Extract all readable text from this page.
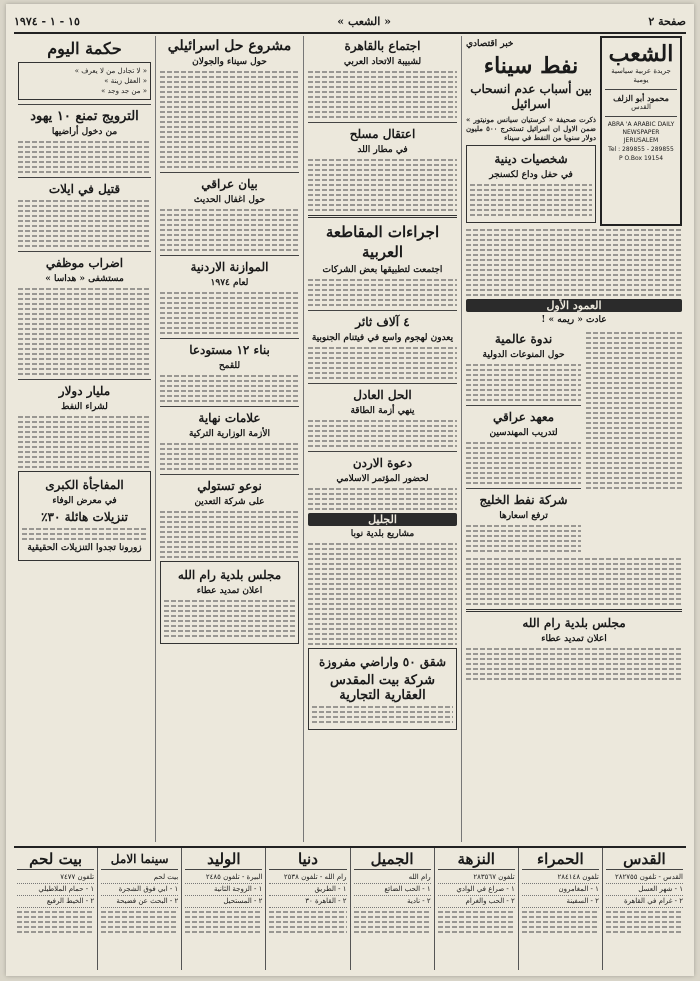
صفحة ٢
« الشعب »
١٥ - ١ - ١٩٧٤
الشعب
جريدة عربية سياسية يومية
محمود أبو الزلف
القدس
ABRA 'A ARABIC DAILY NEWSPAPER JERUSALEM
Tel : 289855 - 289855
P O.Box 19154
خبر اقتصادي
نفط سيناء
بين أسباب عدم انسحاب اسرائيل
ذكرت صحيفة « كرستيان سيانس مونيتور » ضمن الاول ان اسرائيل تستخرج ٥٠٠ مليون دولار سنويا من النفط في سيناء
شخصيات دينية
في حفل وداع لكسنجر
العمود الأول
عادت « ريمه » !
ندوة عالمية
حول المنوعات الدولية
معهد عراقي
لتدريب المهندسين
شركة نفط الخليج
ترفع اسعارها
مجلس بلدية رام الله
اعلان تمديد عطاء
اجتماع بالقاهرة
لشبيبة الاتحاد العربي
اعتقال مسلح
في مطار اللد
اجراءات المقاطعة العربية
اجتمعت لتطبيقها بعض الشركات
٤ آلاف ثائر
يعدون لهجوم واسع في فيتنام الجنوبية
الحل العادل
ينهي أزمة الطاقة
دعوة الاردن
لحضور المؤتمر الاسلامي
الجليل
مشاريع بلدية نوبا
شقق ٥٠ واراضي مفروزة
شركة بيت المقدس العقارية التجارية
مشروع حل اسرائيلي
حول سيناء والجولان
بيان عراقي
حول اغفال الحديث
الموازنة الاردنية
لعام ١٩٧٤
بناء ١٢ مستودعا
للقمح
علامات نهاية
الأزمة الوزارية التركية
نوعو تستولي
على شركة التعدين
مجلس بلدية رام الله
اعلان تمديد عطاء
حكمة اليوم
« لا تجادل من لا يعرف »
« العقل زينة »
« من جد وجد »
الترويج تمنع ١٠ يهود
من دخول أراضيها
قتيل في ايلات
اضراب موظفي
مستشفى « هداسا »
مليار دولار
لشراء النفط
المفاجأة الكبرى
في معرض الوفاء
تنزيلات هائلة ٣٠٪
زورونا تجدوا التنزيلات الحقيقية
القدس
القدس - تلفون ٢٨٢٧٥٥
١ - شهر العسل
٢ - غرام في القاهرة
الحمراء
تلفون ٢٨٤١٤٨
١ - المغامرون
٢ - السفينة
النزهة
تلفون ٢٨٣٥٦٧
١ - صراع في الوادي
٢ - الحب والغرام
الجميل
رام الله
١ - الحب الضائع
٢ - نادية
دنيا
رام الله - تلفون ٢٥٣٨
١ - الطريق
٢ - القاهرة ٣٠
الوليد
البيرة - تلفون ٢٤٨٥
١ - الزوجة الثانية
٢ - المستحيل
سينما الامل
بيت لحم
١ - ابي فوق الشجرة
٢ - البحث عن فضيحة
بيت لحم
تلفون ٧٤٧٧
١ - حمام الملاطيلي
٢ - الخيط الرفيع
